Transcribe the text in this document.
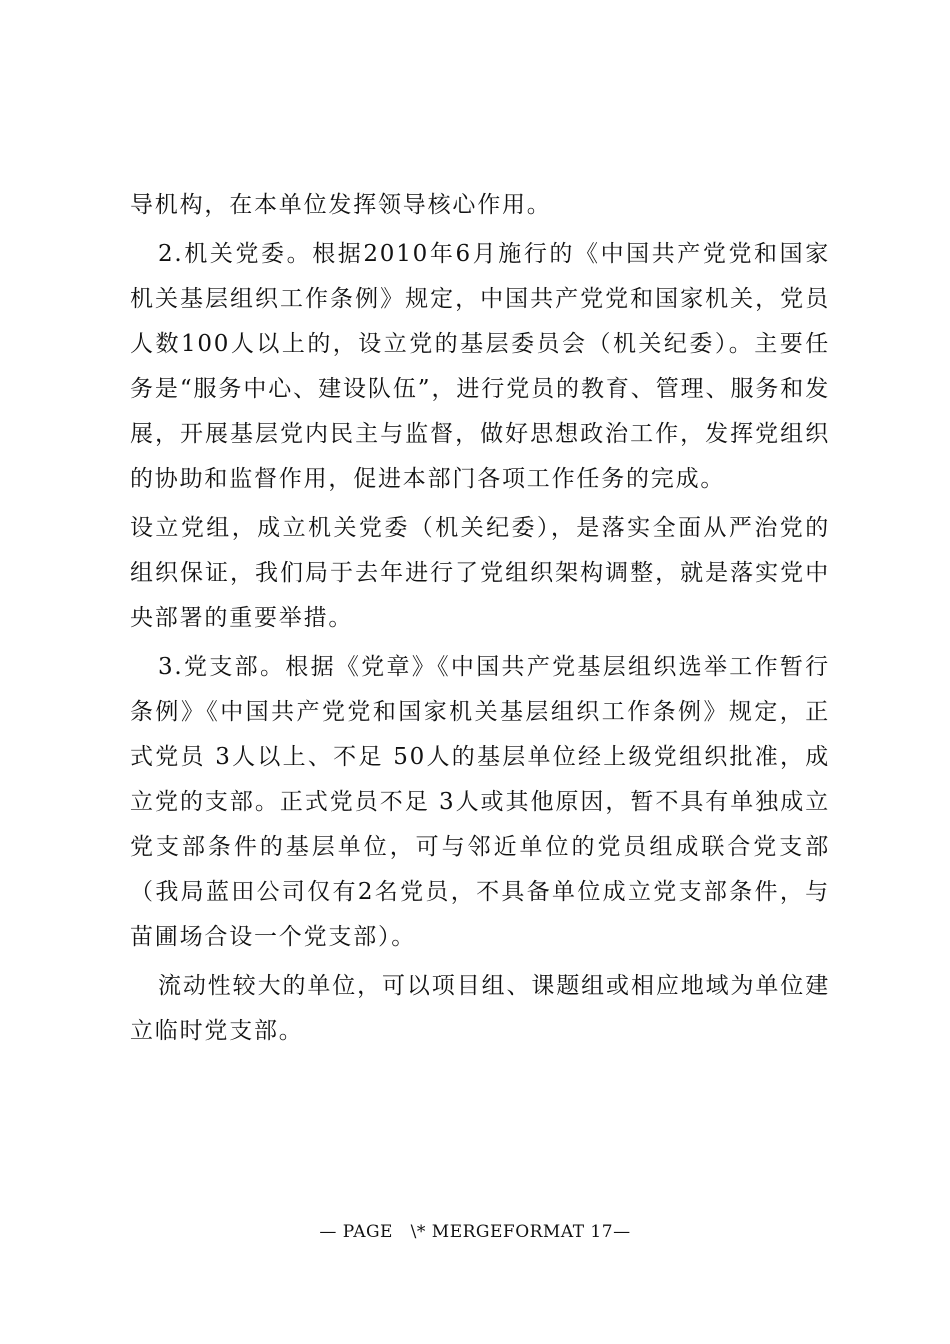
导机构，在本单位发挥领导核心作用。

2.机关党委。根据2010年6月施行的《中国共产党党和国家机关基层组织工作条例》规定，中国共产党党和国家机关，党员人数100人以上的，设立党的基层委员会（机关纪委）。主要任务是“服务中心、建设队伍”，进行党员的教育、管理、服务和发展，开展基层党内民主与监督，做好思想政治工作，发挥党组织的协助和监督作用，促进本部门各项工作任务的完成。

设立党组，成立机关党委（机关纪委），是落实全面从严治党的组织保证，我们局于去年进行了党组织架构调整，就是落实党中央部署的重要举措。

3.党支部。根据《党章》《中国共产党基层组织选举工作暂行条例》《中国共产党党和国家机关基层组织工作条例》规定，正式党员 3人以上、不足 50人的基层单位经上级党组织批准，成立党的支部。正式党员不足 3人或其他原因，暂不具有单独成立党支部条件的基层单位，可与邻近单位的党员组成联合党支部（我局蓝田公司仅有2名党员，不具备单位成立党支部条件，与苗圃场合设一个党支部）。

流动性较大的单位，可以项目组、课题组或相应地域为单位建立临时党支部。

— PAGE   \* MERGEFORMAT 17—
